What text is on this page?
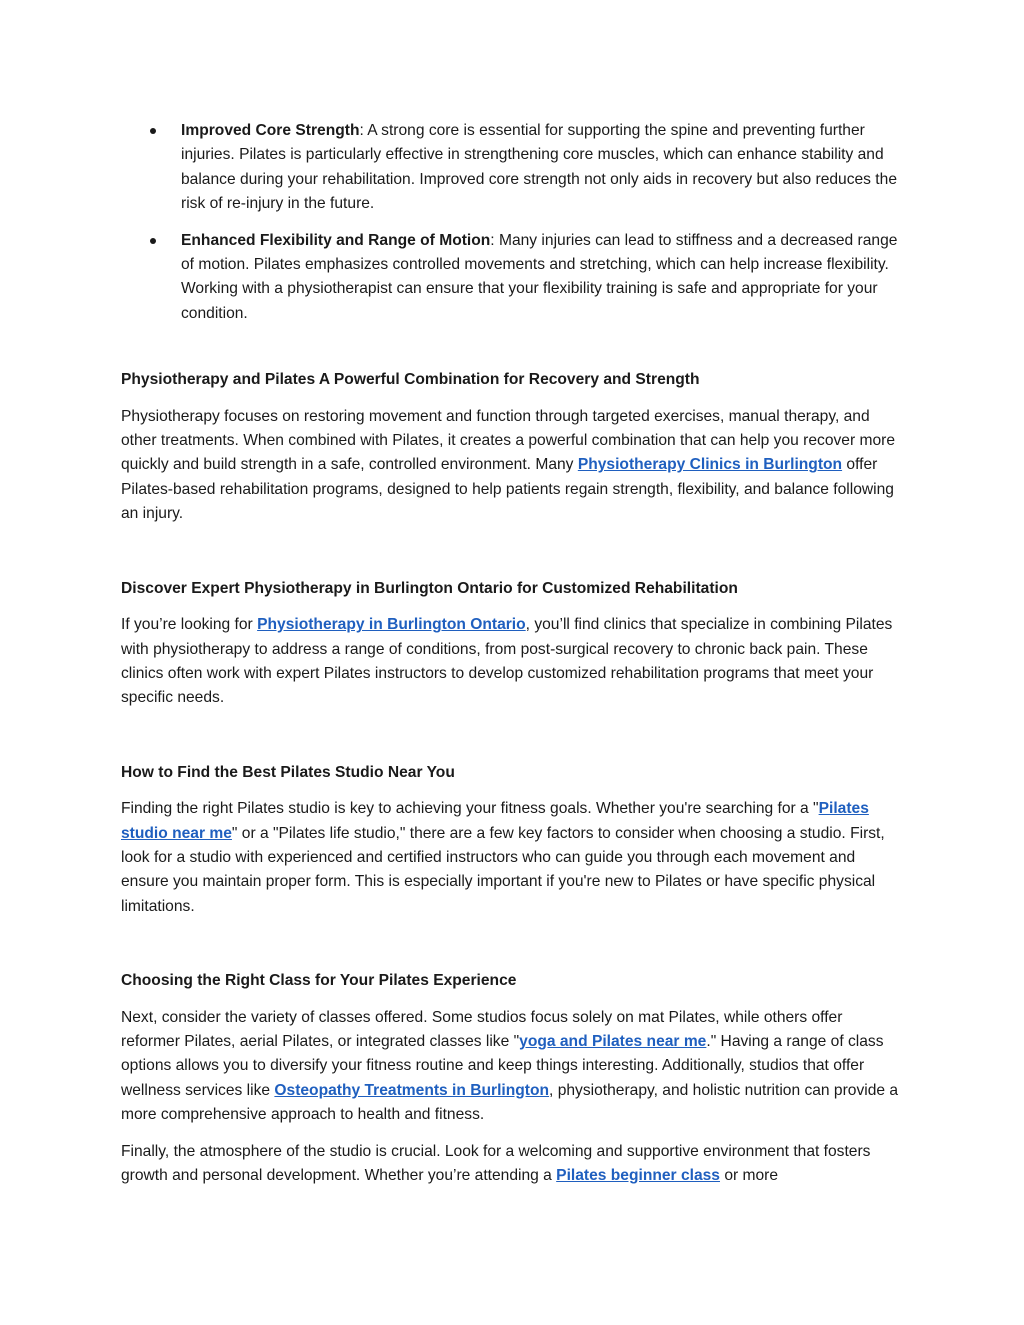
Improved Core Strength: A strong core is essential for supporting the spine and preventing further injuries. Pilates is particularly effective in strengthening core muscles, which can enhance stability and balance during your rehabilitation. Improved core strength not only aids in recovery but also reduces the risk of re-injury in the future.
Enhanced Flexibility and Range of Motion: Many injuries can lead to stiffness and a decreased range of motion. Pilates emphasizes controlled movements and stretching, which can help increase flexibility. Working with a physiotherapist can ensure that your flexibility training is safe and appropriate for your condition.
Physiotherapy and Pilates A Powerful Combination for Recovery and Strength

Physiotherapy focuses on restoring movement and function through targeted exercises, manual therapy, and other treatments. When combined with Pilates, it creates a powerful combination that can help you recover more quickly and build strength in a safe, controlled environment. Many Physiotherapy Clinics in Burlington offer Pilates-based rehabilitation programs, designed to help patients regain strength, flexibility, and balance following an injury.

Discover Expert Physiotherapy in Burlington Ontario for Customized Rehabilitation

If you’re looking for Physiotherapy in Burlington Ontario, you’ll find clinics that specialize in combining Pilates with physiotherapy to address a range of conditions, from post-surgical recovery to chronic back pain. These clinics often work with expert Pilates instructors to develop customized rehabilitation programs that meet your specific needs.

How to Find the Best Pilates Studio Near You

Finding the right Pilates studio is key to achieving your fitness goals. Whether you're searching for a "Pilates studio near me" or a "Pilates life studio," there are a few key factors to consider when choosing a studio. First, look for a studio with experienced and certified instructors who can guide you through each movement and ensure you maintain proper form. This is especially important if you're new to Pilates or have specific physical limitations.

Choosing the Right Class for Your Pilates Experience

Next, consider the variety of classes offered. Some studios focus solely on mat Pilates, while others offer reformer Pilates, aerial Pilates, or integrated classes like "yoga and Pilates near me." Having a range of class options allows you to diversify your fitness routine and keep things interesting. Additionally, studios that offer wellness services like Osteopathy Treatments in Burlington, physiotherapy, and holistic nutrition can provide a more comprehensive approach to health and fitness.

Finally, the atmosphere of the studio is crucial. Look for a welcoming and supportive environment that fosters growth and personal development. Whether you’re attending a Pilates beginner class or more
